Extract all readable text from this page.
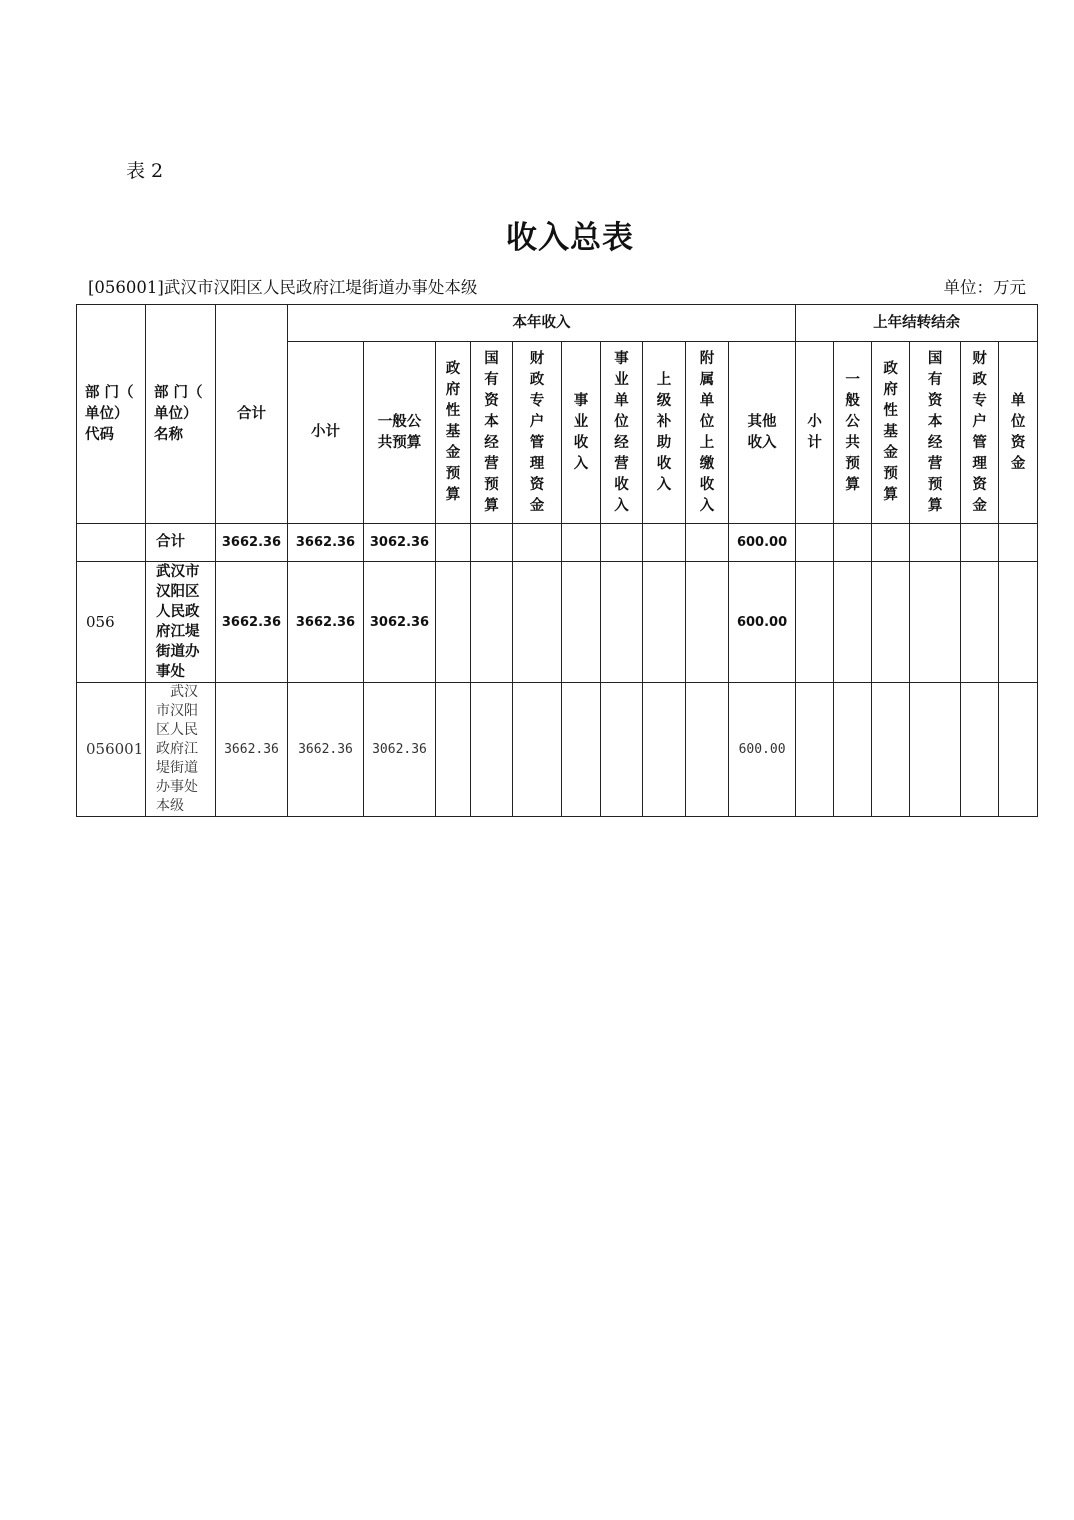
表 2
收入总表
[056001]武汉市汉阳区人民政府江堤街道办事处本级	单位：万元
部 门（ 单位）代码	部 门（ 单位）名称	合计	本年收入										上年结转结余					
			小计	一般公共预算	政府性基金预算	国有资本经营预算	财政专户管理资金	事业收入	事业单位经营收入	上级补助收入	附属单位上缴收入	其他收入	小计	一般公共预算	政府性基金预算	国有资本经营预算	财政专户管理资金	单位资金
	合计	3662.36	3662.36	3062.36								600.00						
056	武汉市汉阳区人民政府江堤街道办事处	3662.36	3662.36	3062.36								600.00						
056001	武汉市汉阳区人民政府江堤街道办事处本级	3662.36	3662.36	3062.36								600.00						
